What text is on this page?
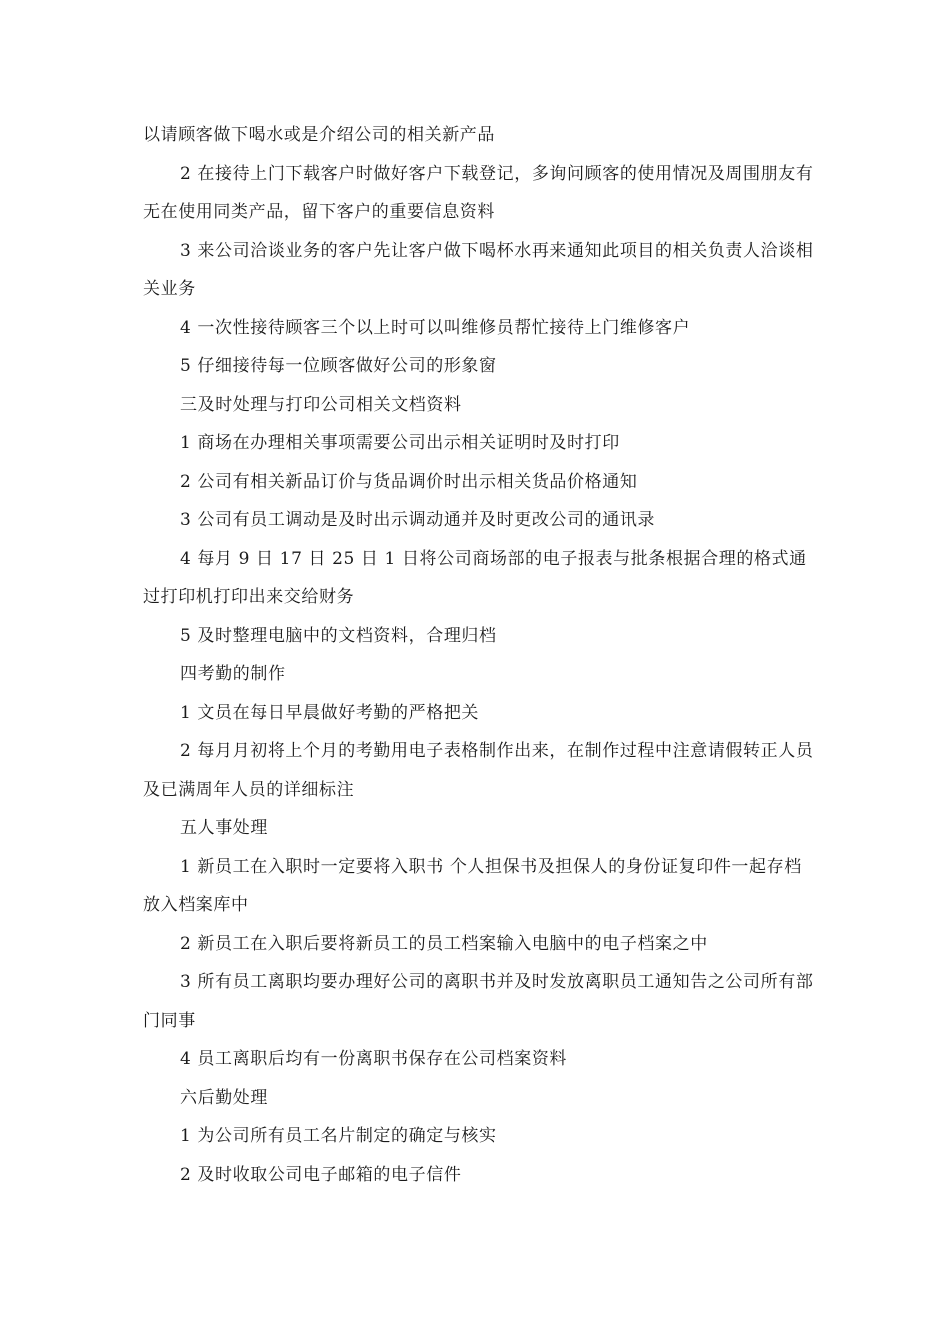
以请顾客做下喝水或是介绍公司的相关新产品

2 在接待上门下载客户时做好客户下载登记，多询问顾客的使用情况及周围朋友有无在使用同类产品，留下客户的重要信息资料

3 来公司洽谈业务的客户先让客户做下喝杯水再来通知此项目的相关负责人洽谈相关业务

4 一次性接待顾客三个以上时可以叫维修员帮忙接待上门维修客户

5 仔细接待每一位顾客做好公司的形象窗

三及时处理与打印公司相关文档资料

1 商场在办理相关事项需要公司出示相关证明时及时打印

2 公司有相关新品订价与货品调价时出示相关货品价格通知

3 公司有员工调动是及时出示调动通并及时更改公司的通讯录

4 每月 9 日 17 日 25 日 1 日将公司商场部的电子报表与批条根据合理的格式通过打印机打印出来交给财务

5 及时整理电脑中的文档资料，合理归档

四考勤的制作

1 文员在每日早晨做好考勤的严格把关

2 每月月初将上个月的考勤用电子表格制作出来，在制作过程中注意请假转正人员及已满周年人员的详细标注

五人事处理

1 新员工在入职时一定要将入职书 个人担保书及担保人的身份证复印件一起存档放入档案库中

2 新员工在入职后要将新员工的员工档案输入电脑中的电子档案之中

3 所有员工离职均要办理好公司的离职书并及时发放离职员工通知告之公司所有部门同事

4 员工离职后均有一份离职书保存在公司档案资料

六后勤处理

1 为公司所有员工名片制定的确定与核实

2 及时收取公司电子邮箱的电子信件
